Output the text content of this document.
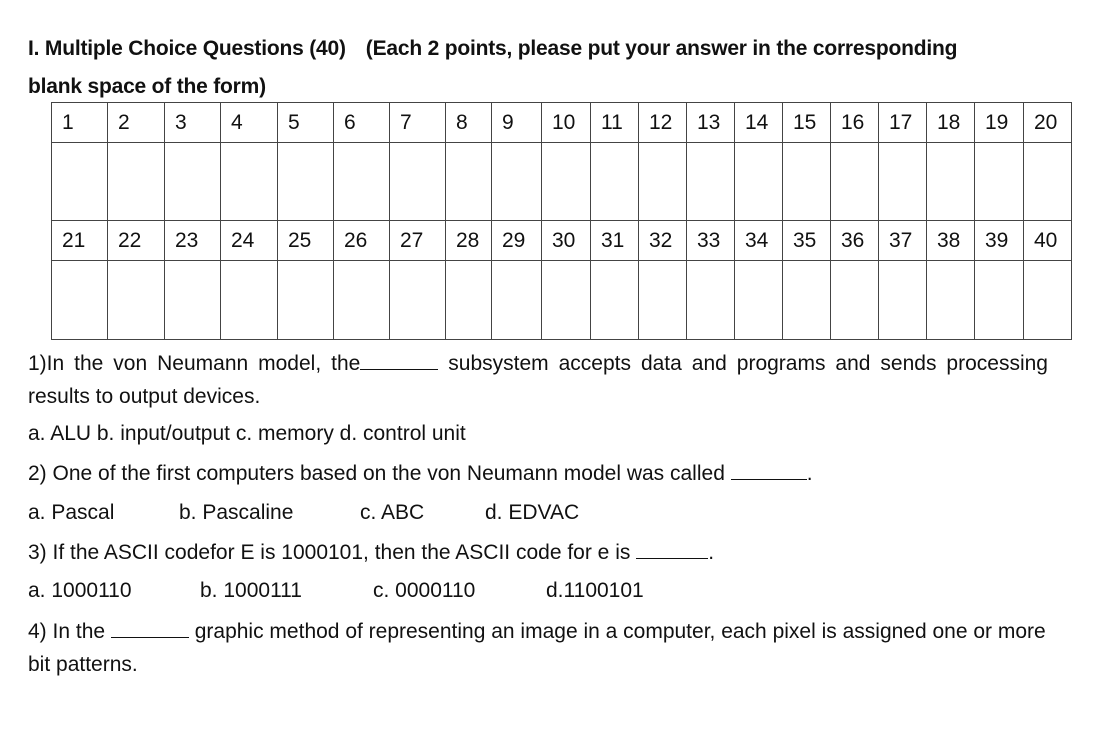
I. Multiple Choice Questions (40) (Each 2 points, please put your answer in the corresponding
blank space of the form)
1	2	3	4	5	6	7	8	9	10	11	12	13	14	15	16	17	18	19	20

21	22	23	24	25	26	27	28	29	30	31	32	33	34	35	36	37	38	39	40

1)In the von Neumann model, the	subsystem accepts data and programs and sends processing results to output devices.
a. ALU b. input/output c. memory d. control unit
2) One of the first computers based on the von Neumann model was called	.
a. Pascal	b. Pascaline	c. ABC	d. EDVAC
3) If the ASCII codefor E is 1000101, then the ASCII code for e is	.
a. 1000110	b. 1000111	c. 0000110	d.1100101
4) In the	graphic method of representing an image in a computer, each pixel is assigned one or more bit patterns.
